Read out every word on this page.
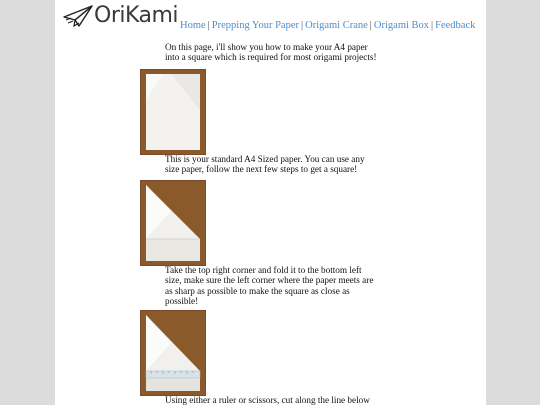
OriKami Home | Prepping Your Paper | Origami Crane | Origami Box | Feedback
On this page, i'll show you how to make your A4 paper into a square which is required for most origami projects!
This is your standard A4 Sized paper. You can use any size paper, follow the next few steps to get a square!
Take the top right corner and fold it to the bottom left size, make sure the left corner where the paper meets are as sharp as possible to make the square as close as possible!
Using either a ruler or scissors, cut along the line below
